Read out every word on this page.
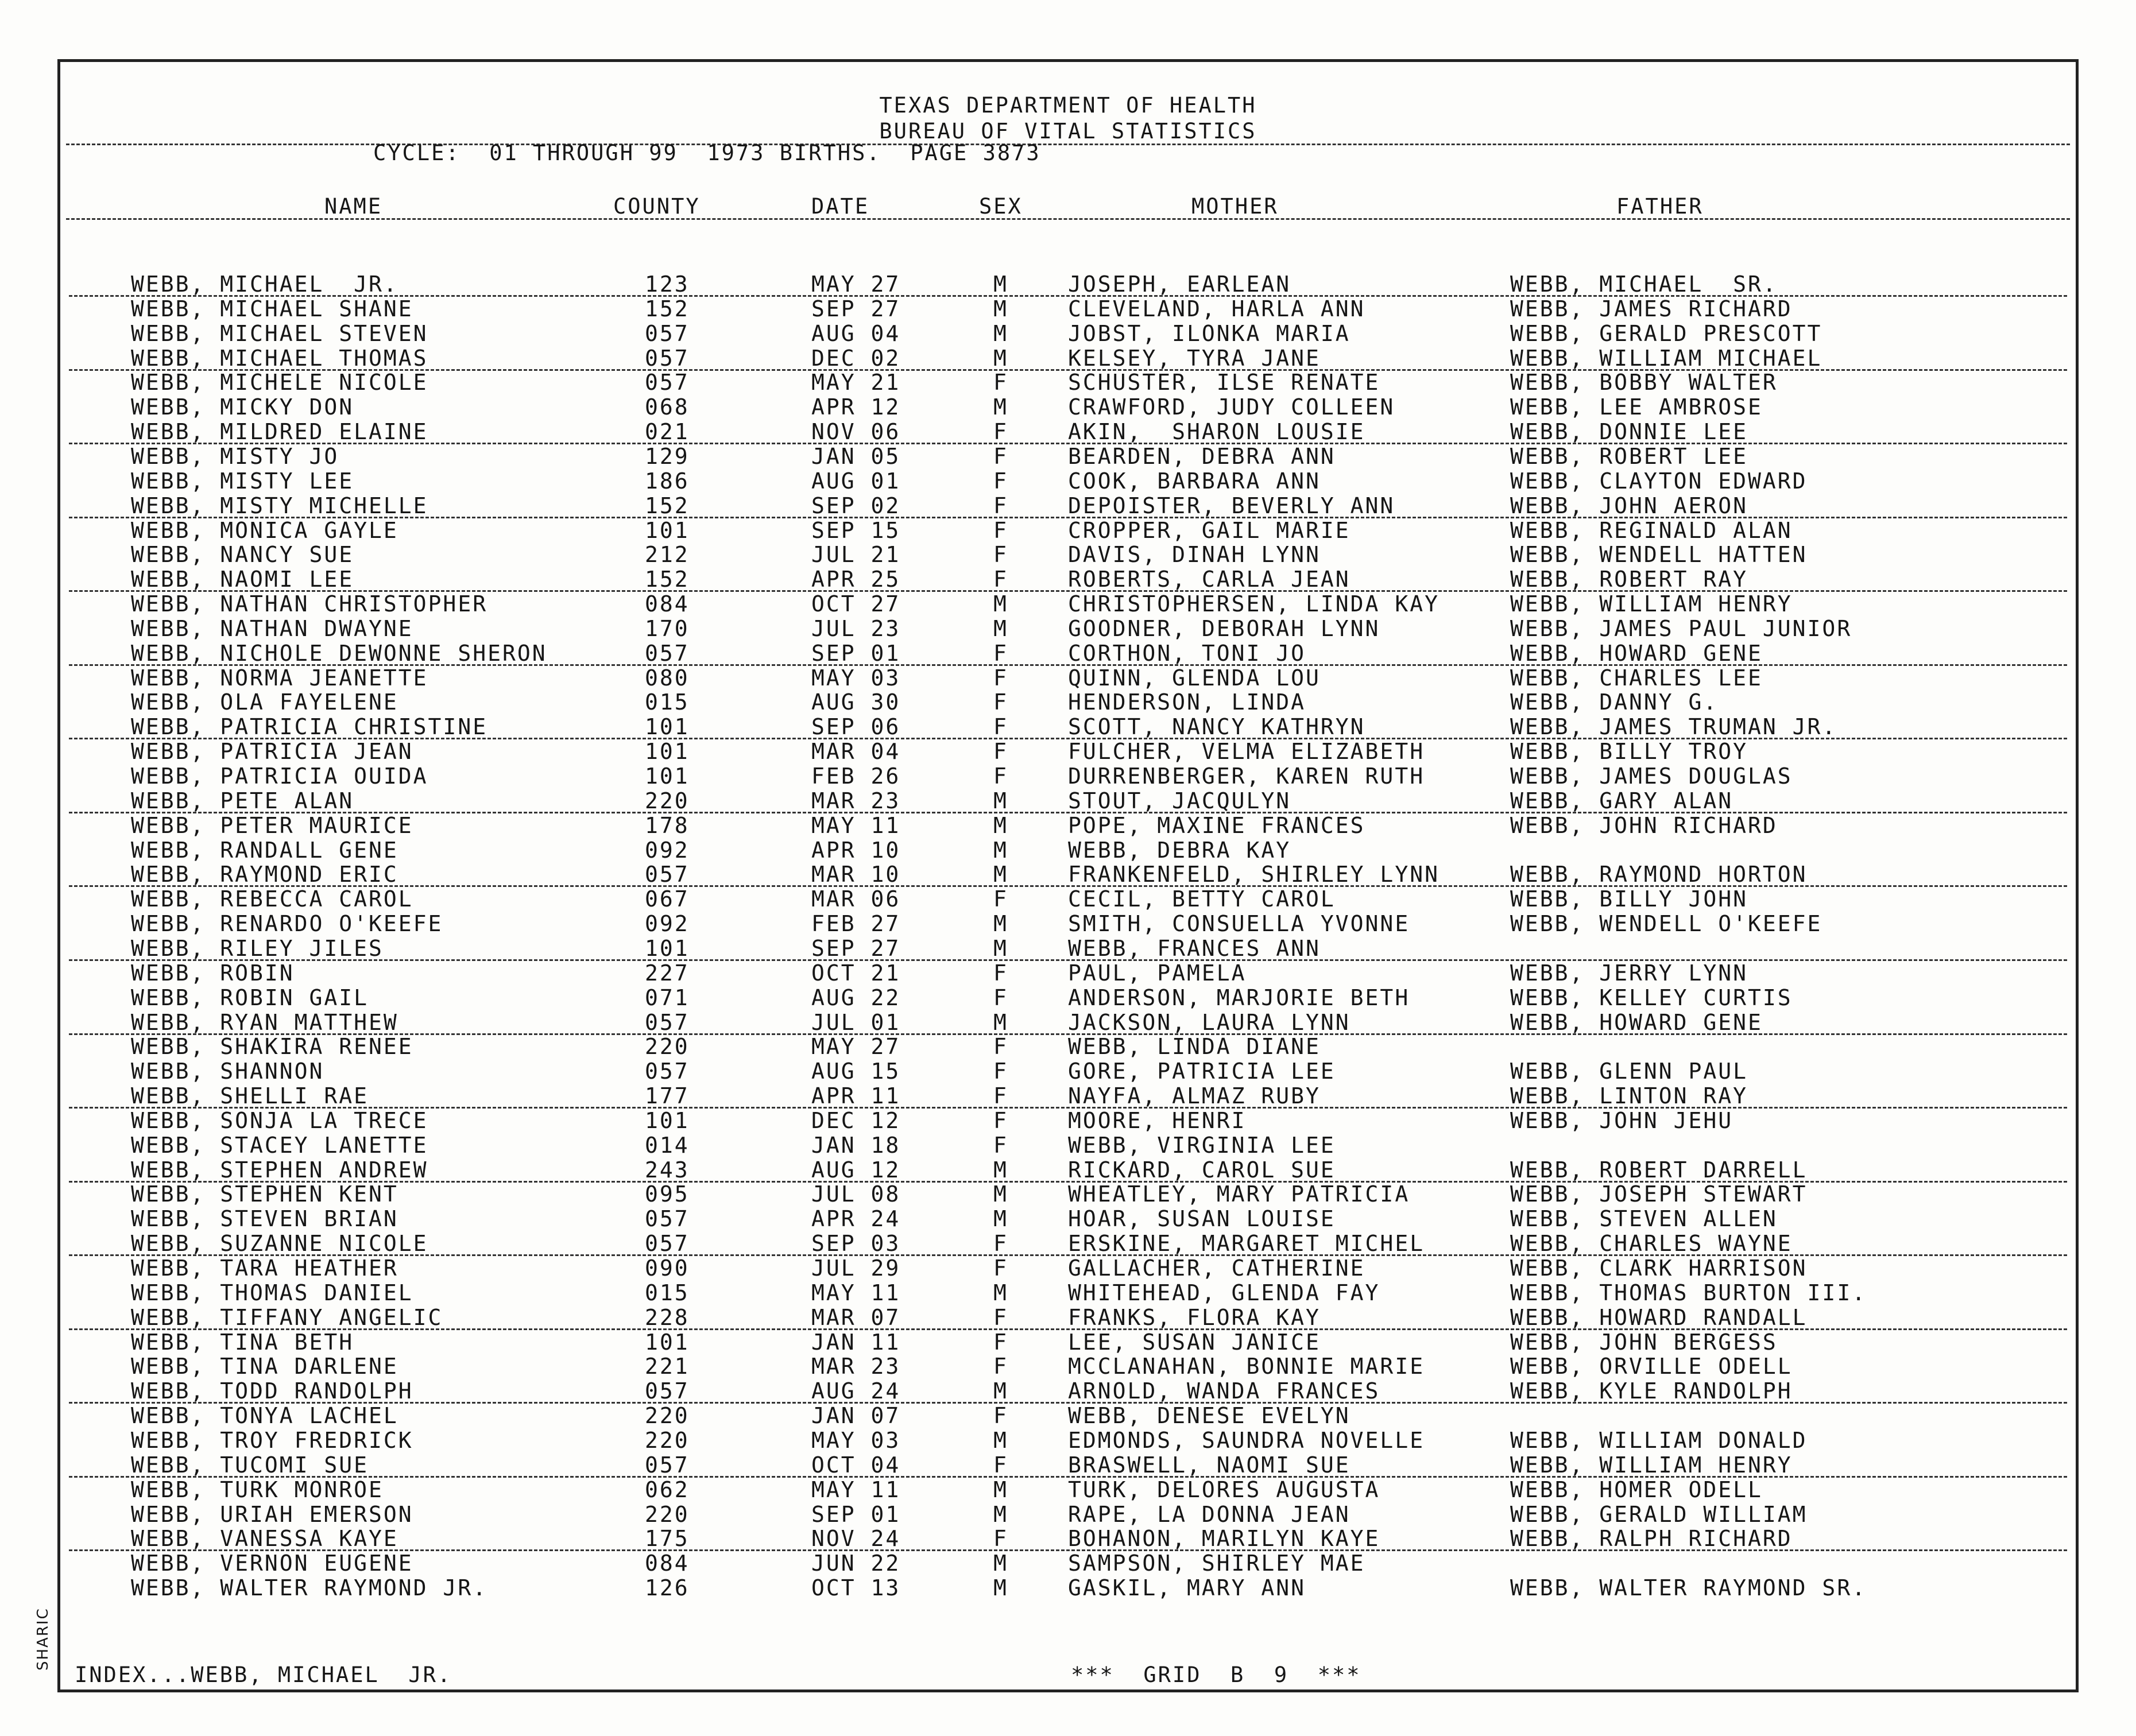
TEXAS DEPARTMENT OF HEALTH
BUREAU OF VITAL STATISTICS
CYCLE:  01 THROUGH 99  1973 BIRTHS.  PAGE 3873
NAME	COUNTY	DATE	SEX	MOTHER	FATHER
WEBB, MICHAEL  JR.	123	MAY 27	M	JOSEPH, EARLEAN	WEBB, MICHAEL  SR.
WEBB, MICHAEL SHANE	152	SEP 27	M	CLEVELAND, HARLA ANN	WEBB, JAMES RICHARD
WEBB, MICHAEL STEVEN	057	AUG 04	M	JOBST, ILONKA MARIA	WEBB, GERALD PRESCOTT
WEBB, MICHAEL THOMAS	057	DEC 02	M	KELSEY, TYRA JANE	WEBB, WILLIAM MICHAEL
WEBB, MICHELE NICOLE	057	MAY 21	F	SCHUSTER, ILSE RENATE	WEBB, BOBBY WALTER
WEBB, MICKY DON	068	APR 12	M	CRAWFORD, JUDY COLLEEN	WEBB, LEE AMBROSE
WEBB, MILDRED ELAINE	021	NOV 06	F	AKIN,  SHARON LOUSIE	WEBB, DONNIE LEE
WEBB, MISTY JO	129	JAN 05	F	BEARDEN, DEBRA ANN	WEBB, ROBERT LEE
WEBB, MISTY LEE	186	AUG 01	F	COOK, BARBARA ANN	WEBB, CLAYTON EDWARD
WEBB, MISTY MICHELLE	152	SEP 02	F	DEPOISTER, BEVERLY ANN	WEBB, JOHN AERON
WEBB, MONICA GAYLE	101	SEP 15	F	CROPPER, GAIL MARIE	WEBB, REGINALD ALAN
WEBB, NANCY SUE	212	JUL 21	F	DAVIS, DINAH LYNN	WEBB, WENDELL HATTEN
WEBB, NAOMI LEE	152	APR 25	F	ROBERTS, CARLA JEAN	WEBB, ROBERT RAY
WEBB, NATHAN CHRISTOPHER	084	OCT 27	M	CHRISTOPHERSEN, LINDA KAY	WEBB, WILLIAM HENRY
WEBB, NATHAN DWAYNE	170	JUL 23	M	GOODNER, DEBORAH LYNN	WEBB, JAMES PAUL JUNIOR
WEBB, NICHOLE DEWONNE SHERON	057	SEP 01	F	CORTHON, TONI JO	WEBB, HOWARD GENE
WEBB, NORMA JEANETTE	080	MAY 03	F	QUINN, GLENDA LOU	WEBB, CHARLES LEE
WEBB, OLA FAYELENE	015	AUG 30	F	HENDERSON, LINDA	WEBB, DANNY G.
WEBB, PATRICIA CHRISTINE	101	SEP 06	F	SCOTT, NANCY KATHRYN	WEBB, JAMES TRUMAN JR.
WEBB, PATRICIA JEAN	101	MAR 04	F	FULCHER, VELMA ELIZABETH	WEBB, BILLY TROY
WEBB, PATRICIA OUIDA	101	FEB 26	F	DURRENBERGER, KAREN RUTH	WEBB, JAMES DOUGLAS
WEBB, PETE ALAN	220	MAR 23	M	STOUT, JACQULYN	WEBB, GARY ALAN
WEBB, PETER MAURICE	178	MAY 11	M	POPE, MAXINE FRANCES	WEBB, JOHN RICHARD
WEBB, RANDALL GENE	092	APR 10	M	WEBB, DEBRA KAY
WEBB, RAYMOND ERIC	057	MAR 10	M	FRANKENFELD, SHIRLEY LYNN	WEBB, RAYMOND HORTON
WEBB, REBECCA CAROL	067	MAR 06	F	CECIL, BETTY CAROL	WEBB, BILLY JOHN
WEBB, RENARDO O'KEEFE	092	FEB 27	M	SMITH, CONSUELLA YVONNE	WEBB, WENDELL O'KEEFE
WEBB, RILEY JILES	101	SEP 27	M	WEBB, FRANCES ANN
WEBB, ROBIN	227	OCT 21	F	PAUL, PAMELA	WEBB, JERRY LYNN
WEBB, ROBIN GAIL	071	AUG 22	F	ANDERSON, MARJORIE BETH	WEBB, KELLEY CURTIS
WEBB, RYAN MATTHEW	057	JUL 01	M	JACKSON, LAURA LYNN	WEBB, HOWARD GENE
WEBB, SHAKIRA RENEE	220	MAY 27	F	WEBB, LINDA DIANE
WEBB, SHANNON	057	AUG 15	F	GORE, PATRICIA LEE	WEBB, GLENN PAUL
WEBB, SHELLI RAE	177	APR 11	F	NAYFA, ALMAZ RUBY	WEBB, LINTON RAY
WEBB, SONJA LA TRECE	101	DEC 12	F	MOORE, HENRI	WEBB, JOHN JEHU
WEBB, STACEY LANETTE	014	JAN 18	F	WEBB, VIRGINIA LEE
WEBB, STEPHEN ANDREW	243	AUG 12	M	RICKARD, CAROL SUE	WEBB, ROBERT DARRELL
WEBB, STEPHEN KENT	095	JUL 08	M	WHEATLEY, MARY PATRICIA	WEBB, JOSEPH STEWART
WEBB, STEVEN BRIAN	057	APR 24	M	HOAR, SUSAN LOUISE	WEBB, STEVEN ALLEN
WEBB, SUZANNE NICOLE	057	SEP 03	F	ERSKINE, MARGARET MICHEL	WEBB, CHARLES WAYNE
WEBB, TARA HEATHER	090	JUL 29	F	GALLACHER, CATHERINE	WEBB, CLARK HARRISON
WEBB, THOMAS DANIEL	015	MAY 11	M	WHITEHEAD, GLENDA FAY	WEBB, THOMAS BURTON III.
WEBB, TIFFANY ANGELIC	228	MAR 07	F	FRANKS, FLORA KAY	WEBB, HOWARD RANDALL
WEBB, TINA BETH	101	JAN 11	F	LEE, SUSAN JANICE	WEBB, JOHN BERGESS
WEBB, TINA DARLENE	221	MAR 23	F	MCCLANAHAN, BONNIE MARIE	WEBB, ORVILLE ODELL
WEBB, TODD RANDOLPH	057	AUG 24	M	ARNOLD, WANDA FRANCES	WEBB, KYLE RANDOLPH
WEBB, TONYA LACHEL	220	JAN 07	F	WEBB, DENESE EVELYN
WEBB, TROY FREDRICK	220	MAY 03	M	EDMONDS, SAUNDRA NOVELLE	WEBB, WILLIAM DONALD
WEBB, TUCOMI SUE	057	OCT 04	F	BRASWELL, NAOMI SUE	WEBB, WILLIAM HENRY
WEBB, TURK MONROE	062	MAY 11	M	TURK, DELORES AUGUSTA	WEBB, HOMER ODELL
WEBB, URIAH EMERSON	220	SEP 01	M	RAPE, LA DONNA JEAN	WEBB, GERALD WILLIAM
WEBB, VANESSA KAYE	175	NOV 24	F	BOHANON, MARILYN KAYE	WEBB, RALPH RICHARD
WEBB, VERNON EUGENE	084	JUN 22	M	SAMPSON, SHIRLEY MAE
WEBB, WALTER RAYMOND JR.	126	OCT 13	M	GASKIL, MARY ANN	WEBB, WALTER RAYMOND SR.
INDEX...WEBB, MICHAEL  JR.	***  GRID  B  9  ***
SHARIC
